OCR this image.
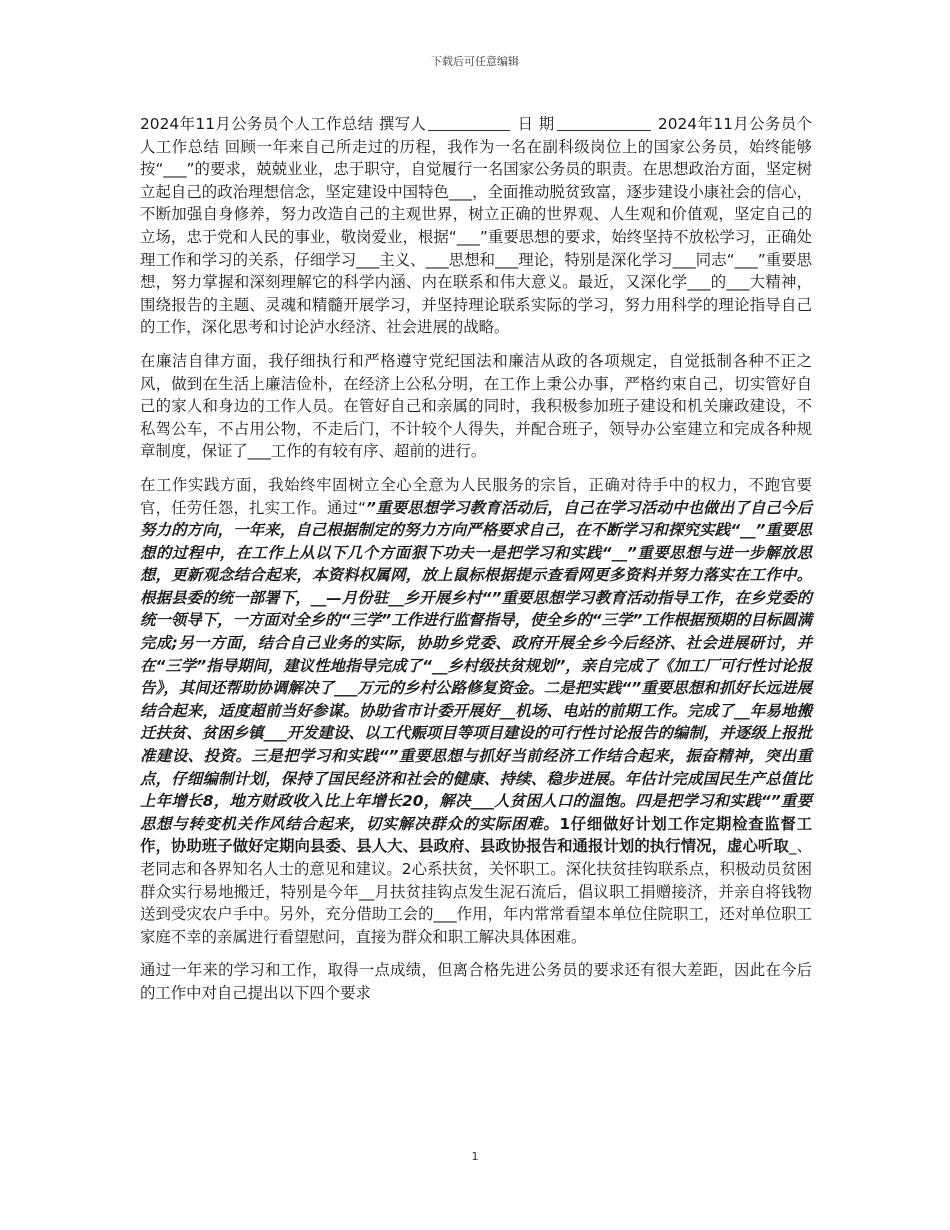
下载后可任意编辑

2024年11月公务员个人工作总结 撰写人	日 期	2024年11月公务员个人工作总结 回顾一年来自己所走过的历程，我作为一名在副科级岗位上的国家公务员，始终能够按“___”的要求，兢兢业业，忠于职守，自觉履行一名国家公务员的职责。在思想政治方面，坚定树立起自己的政治理想信念，坚定建设中国特色___，全面推动脱贫致富，逐步建设小康社会的信心，不断加强自身修养，努力改造自己的主观世界，树立正确的世界观、人生观和价值观，坚定自己的立场，忠于党和人民的事业，敬岗爱业，根据“___”重要思想的要求，始终坚持不放松学习，正确处理工作和学习的关系，仔细学习___主义、___思想和___理论，特别是深化学习___同志“___”重要思想，努力掌握和深刻理解它的科学内涵、内在联系和伟大意义。最近，又深化学___的___大精神，围绕报告的主题、灵魂和精髓开展学习，并坚持理论联系实际的学习，努力用科学的理论指导自己的工作，深化思考和讨论泸水经济、社会进展的战略。

在廉洁自律方面，我仔细执行和严格遵守党纪国法和廉洁从政的各项规定，自觉抵制各种不正之风，做到在生活上廉洁俭朴，在经济上公私分明，在工作上秉公办事，严格约束自己，切实管好自己的家人和身边的工作人员。在管好自己和亲属的同时，我积极参加班子建设和机关廉政建设，不私驾公车，不占用公物，不走后门，不计较个人得失，并配合班子，领导办公室建立和完成各种规章制度，保证了___工作的有较有序、超前的进行。

在工作实践方面，我始终牢固树立全心全意为人民服务的宗旨，正确对待手中的权力，不跑官要官，任劳任怨，扎实工作。通过“”重要思想学习教育活动后，自己在学习活动中也做出了自己今后努力的方向，一年来，自己根据制定的努力方向严格要求自己，在不断学习和探究实践“__”重要思想的过程中，在工作上从以下几个方面狠下功夫一是把学习和实践“__”重要思想与进一步解放思想，更新观念结合起来，本资料权属网，放上鼠标根据提示查看网更多资料并努力落实在工作中。根据县委的统一部署下，__—月份驻__乡开展乡村“”重要思想学习教育活动指导工作，在乡党委的统一领导下，一方面对全乡的“三学”工作进行监督指导，使全乡的“三学”工作根据预期的目标圆满完成;另一方面，结合自己业务的实际，协助乡党委、政府开展全乡今后经济、社会进展研讨，并在“三学”指导期间，建议性地指导完成了“__乡村级扶贫规划”，亲自完成了《加工厂可行性讨论报告》，其间还帮助协调解决了___万元的乡村公路修复资金。二是把实践“”重要思想和抓好长远进展结合起来，适度超前当好参谋。协助省市计委开展好__机场、电站的前期工作。完成了__年易地搬迁扶贫、贫困乡镇___开发建设、以工代赈项目等项目建设的可行性讨论报告的编制，并逐级上报批准建设、投资。三是把学习和实践“”重要思想与抓好当前经济工作结合起来，振奋精神，突出重点，仔细编制计划，保持了国民经济和社会的健康、持续、稳步进展。年估计完成国民生产总值比上年增长8，地方财政收入比上年增长20，解决___人贫困人口的温饱。四是把学习和实践“”重要思想与转变机关作风结合起来，切实解决群众的实际困难。1仔细做好计划工作定期检查监督工作，协助班子做好定期向县委、县人大、县政府、县政协报告和通报计划的执行情况，虚心听取_、老同志和各界知名人士的意见和建议。2心系扶贫，关怀职工。深化扶贫挂钩联系点，积极动员贫困群众实行易地搬迁，特别是今年__月扶贫挂钩点发生泥石流后，倡议职工捐赠接济，并亲自将钱物送到受灾农户手中。另外，充分借助工会的___作用，年内常常看望本单位住院职工，还对单位职工家庭不幸的亲属进行看望慰问，直接为群众和职工解决具体困难。

通过一年来的学习和工作，取得一点成绩，但离合格先进公务员的要求还有很大差距，因此在今后的工作中对自己提出以下四个要求

1
